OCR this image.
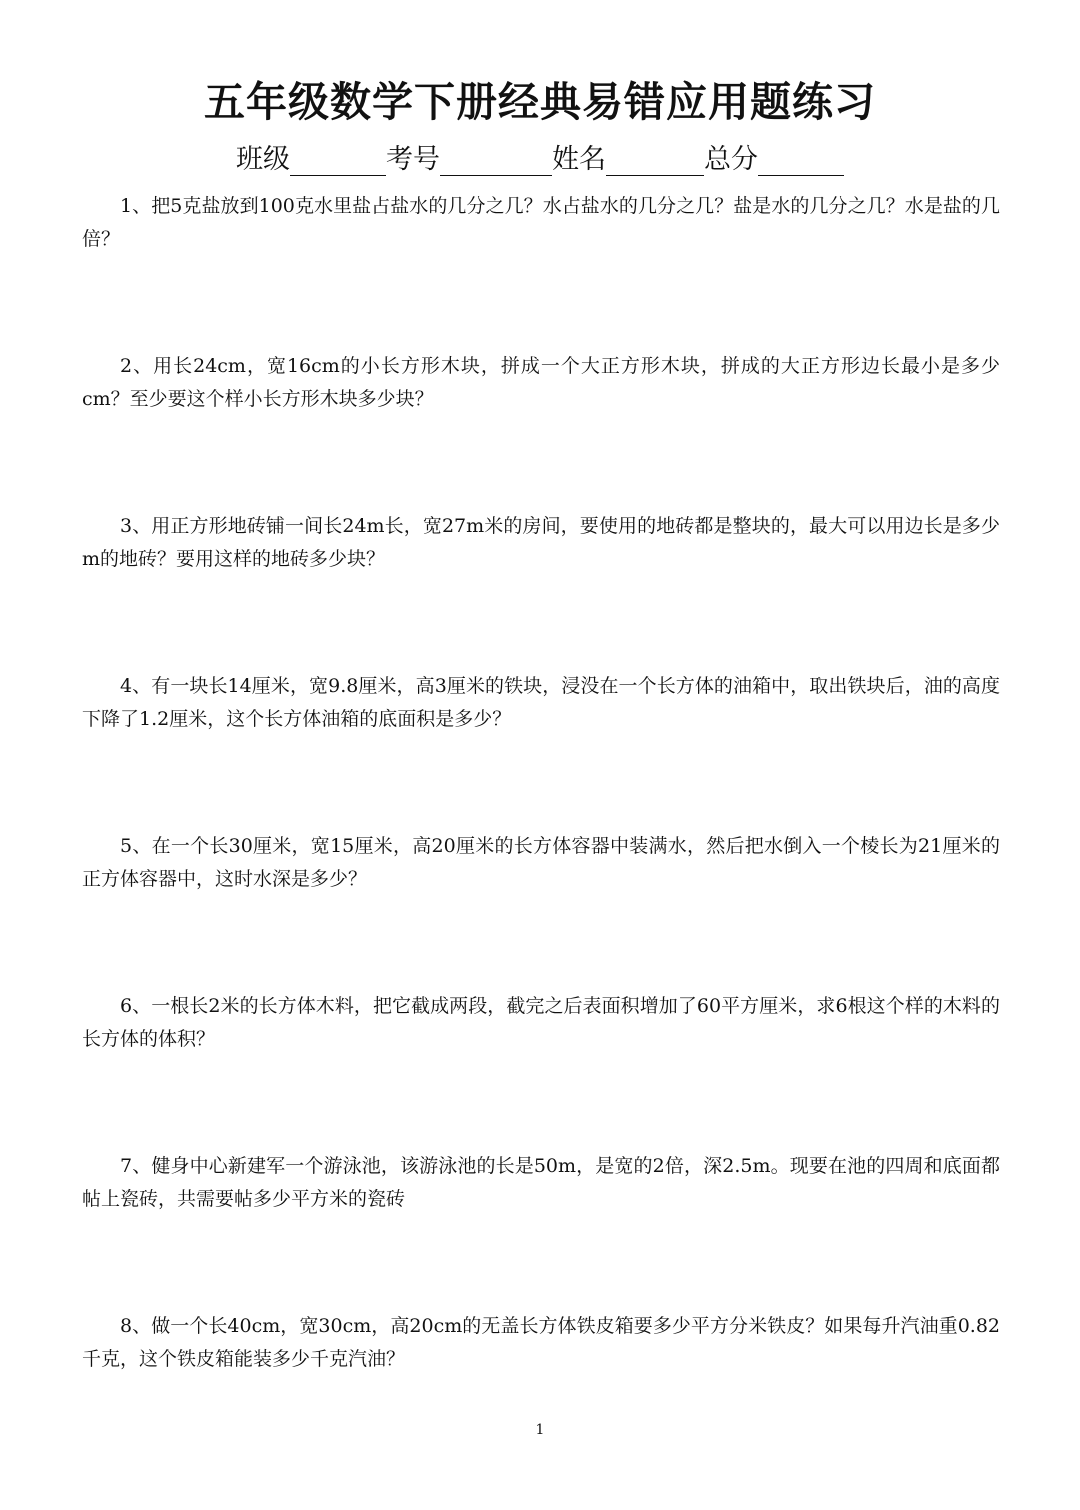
五年级数学下册经典易错应用题练习
班级	考号	姓名	总分

1、把5克盐放到100克水里盐占盐水的几分之几？水占盐水的几分之几？盐是水的几分之几？水是盐的几倍？

2、用长24cm，宽16cm的小长方形木块，拼成一个大正方形木块，拼成的大正方形边长最小是多少cm？至少要这个样小长方形木块多少块？

3、用正方形地砖铺一间长24m长，宽27m米的房间，要使用的地砖都是整块的，最大可以用边长是多少m的地砖？要用这样的地砖多少块？

4、有一块长14厘米，宽9.8厘米，高3厘米的铁块，浸没在一个长方体的油箱中，取出铁块后，油的高度下降了1.2厘米，这个长方体油箱的底面积是多少？

5、在一个长30厘米，宽15厘米，高20厘米的长方体容器中装满水，然后把水倒入一个棱长为21厘米的正方体容器中，这时水深是多少？

6、一根长2米的长方体木料，把它截成两段，截完之后表面积增加了60平方厘米，求6根这个样的木料的长方体的体积？

7、健身中心新建军一个游泳池，该游泳池的长是50m，是宽的2倍，深2.5m。现要在池的四周和底面都帖上瓷砖，共需要帖多少平方米的瓷砖

8、做一个长40cm，宽30cm，高20cm的无盖长方体铁皮箱要多少平方分米铁皮？如果每升汽油重0.82千克，这个铁皮箱能装多少千克汽油？

1
